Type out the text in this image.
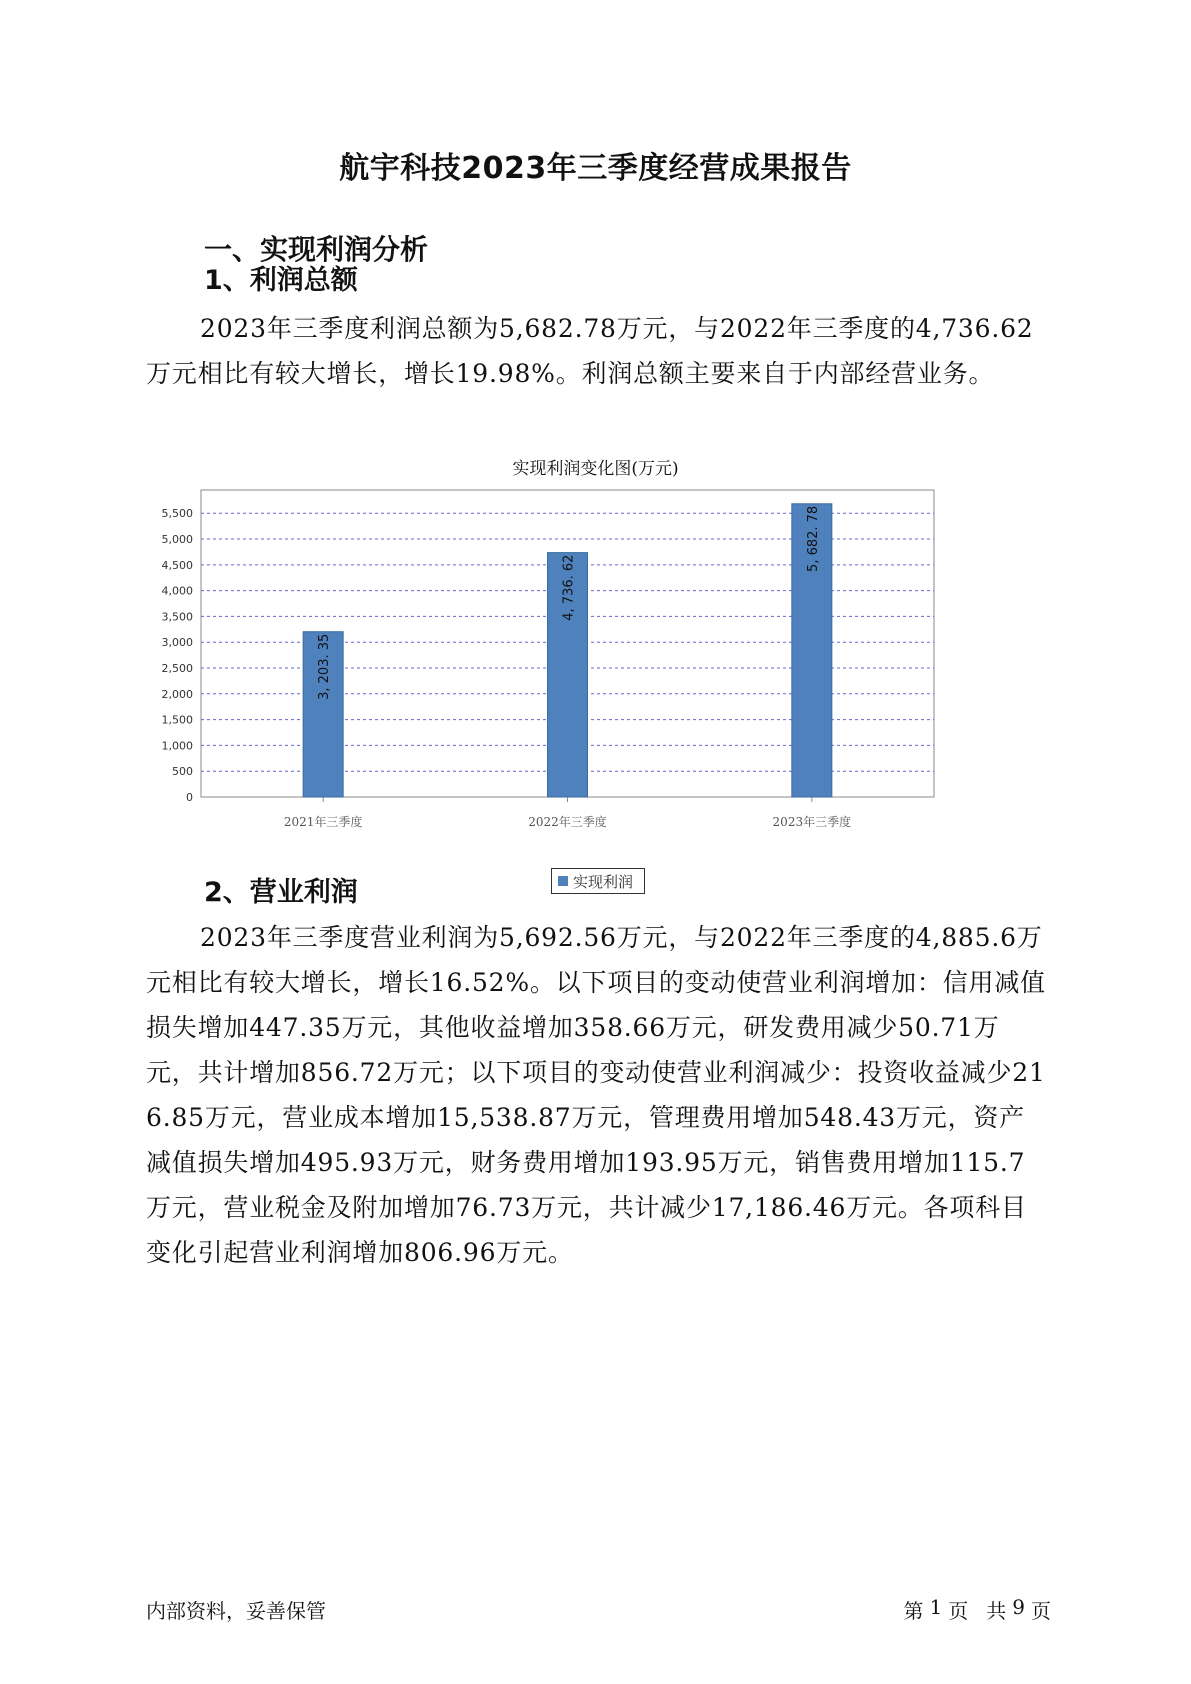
航宇科技2023年三季度经营成果报告
一、实现利润分析
1、利润总额

2023年三季度利润总额为5,682.78万元，与2022年三季度的4,736.62万元相比有较大增长，增长19.98%。利润总额主要来自于内部经营业务。

实现利润变化图(万元)
0
500
1,000
1,500
2,000
2,500
3,000
3,500
4,000
4,500
5,000
5,500
3, 203. 35
2021年三季度
4, 736. 62
2022年三季度
5, 682. 78
2023年三季度
实现利润
2、营业利润

2023年三季度营业利润为5,692.56万元，与2022年三季度的4,885.6万元相比有较大增长，增长16.52%。以下项目的变动使营业利润增加：信用减值损失增加447.35万元，其他收益增加358.66万元，研发费用减少50.71万元，共计增加856.72万元；以下项目的变动使营业利润减少：投资收益减少216.85万元，营业成本增加15,538.87万元，管理费用增加548.43万元，资产减值损失增加495.93万元，财务费用增加193.95万元，销售费用增加115.7万元，营业税金及附加增加76.73万元，共计减少17,186.46万元。各项科目变化引起营业利润增加806.96万元。

内部资料，妥善保管	第 1 页 共 9 页
